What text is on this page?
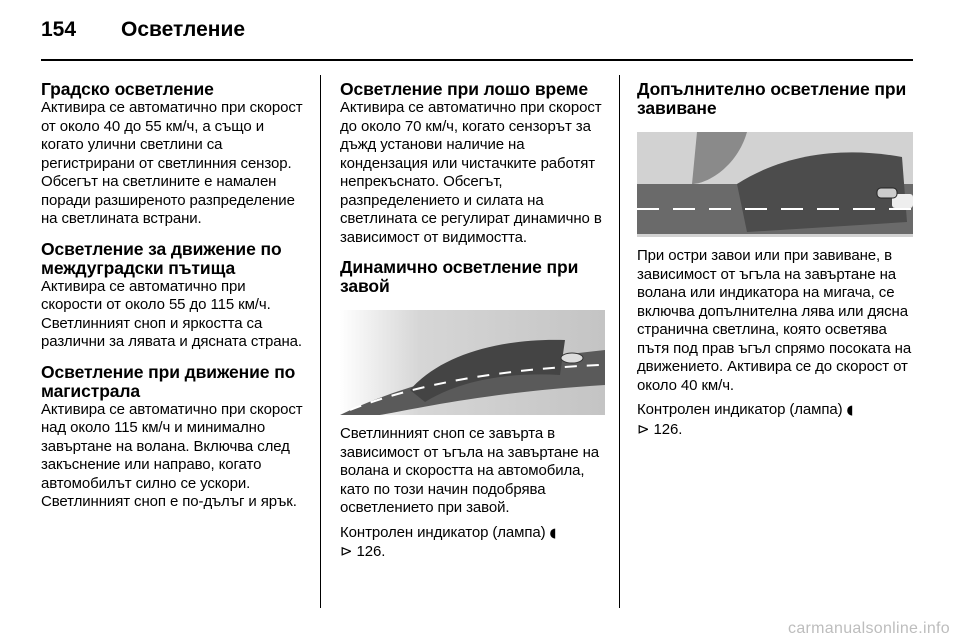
154	Осветление
Градско осветление

Активира се автоматично при скорост от около 40 до 55 км/ч, а също и когато улични светлини са регистрирани от светлинния сензор. Обсегът на светлините е намален поради разширеното разпределение на светлината встрани.

Осветление за движение по междуградски пътища

Активира се автоматично при скорости от около 55 до 115 км/ч. Светлинният сноп и яркостта са различни за лявата и дясната страна.

Осветление при движение по магистрала

Активира се автоматично при скорост над около 115 км/ч и минимално завъртане на волана. Включва след закъснение или направо, когато автомобилът силно се ускори. Светлинният сноп е по-дълъг и ярък.

Осветление при лошо време

Активира се автоматично при скорост до около 70 км/ч, когато сензорът за дъжд установи наличие на кондензация или чистачките работят непрекъснато. Обсегът, разпределението и силата на светлината се регулират динамично в зависимост от видимостта.

Динамично осветление при завой

Светлинният сноп се завърта в зависимост от ъгъла на завъртане на волана и скоростта на автомобила, като по този начин подобрява осветлението при завой.

Контролен индикатор (лампа) ◖

⊳ 126.

Допълнително осветление при завиване

При остри завои или при завиване, в зависимост от ъгъла на завъртане на волана или индикатора на мигача, се включва допълнителна лява или дясна странична светлина, която осветява пътя под прав ъгъл спрямо посоката на движението. Активира се до скорост от около 40 км/ч.

Контролен индикатор (лампа) ◖

⊳ 126.

carmanualsonline.info
